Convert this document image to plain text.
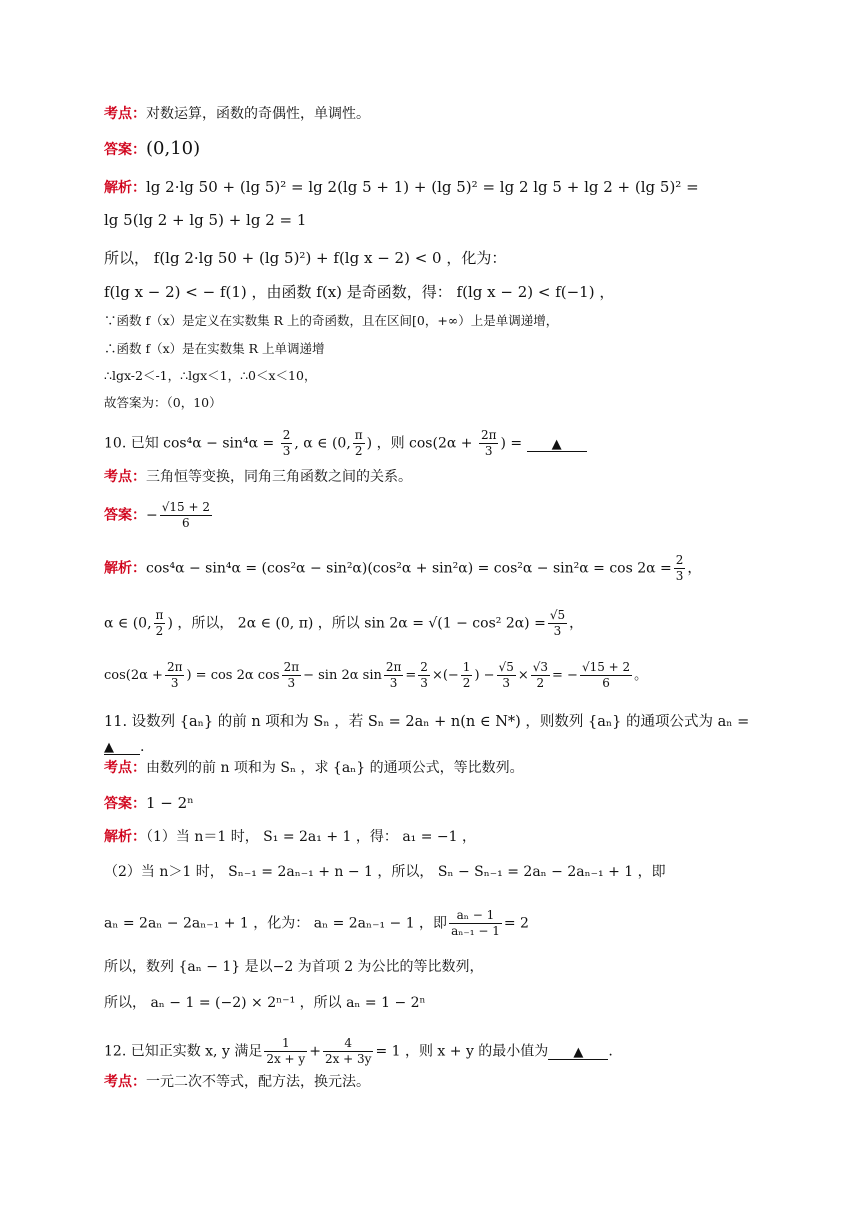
考点：对数运算，函数的奇偶性，单调性。
答案：(0,10)
解析：lg 2·lg 50 + (lg 5)² = lg 2(lg 5 + 1) + (lg 5)² = lg 2 lg 5 + lg 2 + (lg 5)² =
lg 5(lg 2 + lg 5) + lg 2 = 1
所以， f(lg 2·lg 50 + (lg 5)²) + f(lg x − 2) < 0 ，化为：
f(lg x − 2) < − f(1) ，由函数 f(x) 是奇函数，得： f(lg x − 2) < f(−1) ，
∵函数 f（x）是定义在实数集 R 上的奇函数，且在区间[0，+∞）上是单调递增，
∴函数 f（x）是在实数集 R 上单调递增
∴lgx-2＜-1，∴lgx＜1，∴0＜x＜10，
故答案为：（0，10）
10. 已知 $\cos^4\alpha - \sin^4\alpha = \frac{2}{3}$ , α ∈ (0, $\frac{\pi}{2}$ ) ，则 $\cos(2\alpha + \frac{2\pi}{3}$ ) = ▲
考点：三角恒等变换，同角三角函数之间的关系。
答案：− $\frac{√15 + 2}{6}$
解析：$\cos^4\alpha - \sin^4\alpha = (\cos^2\alpha - \sin^2\alpha)(\cos^2\alpha + \sin^2\alpha) = \cos^2\alpha - \sin^2\alpha = \cos 2\alpha = \frac{2}{3}$ ，
α ∈ (0, $\frac{\pi}{2}$ ) ，所以， 2α ∈ (0, π) ，所以 sin 2α = √(1 − cos² $2\alpha) = \frac{√5}{3}$ ，
$\cos(2\alpha + \frac{2\pi}{3}$ ) = cos 2α $\cos \frac{2\pi}{3} - \sin 2\alpha$ $\sin \frac{2\pi}{3} = \frac{2}{3}$ ×(− $\frac{1}{2}$ ) − $\frac{√5}{3} \times \frac{√3}{2}$ = − $\frac{√15 + 2}{6}$ 。
11. 设数列 {aₙ} 的前 n 项和为 Sₙ ，若 Sₙ = 2aₙ + n(n ∈ N*) ，则数列 {aₙ} 的通项公式为 aₙ =
▲ .
考点：由数列的前 n 项和为 Sₙ ，求 {aₙ} 的通项公式，等比数列。
答案：1 − 2ⁿ
解析：（1）当 n＝1 时， S₁ = 2a₁ + 1 ，得： a₁ = −1 ，
（2）当 n＞1 时， Sₙ₋₁ = 2aₙ₋₁ + n − 1 ，所以， Sₙ − Sₙ₋₁ = 2aₙ − 2aₙ₋₁ + 1 ，即
aₙ = 2aₙ − 2aₙ₋₁ + 1 ，化为： aₙ = 2aₙ₋₁ − 1 ，即 $\frac{\text{aₙ − 1}}{\text{aₙ₋₁ − 1}} = 2$
所以，数列 {aₙ − 1} 是以−2 为首项 2 为公比的等比数列，
所以， aₙ − 1 = (−2) × 2ⁿ⁻¹ ，所以 aₙ = 1 − 2ⁿ
12. 已知正实数 x, y 满足 $\frac{1}{2x + y} + \frac{4}{2x + 3y} = 1$ ，则 x + y 的最小值为 ▲ .
考点：一元二次不等式，配方法，换元法。
